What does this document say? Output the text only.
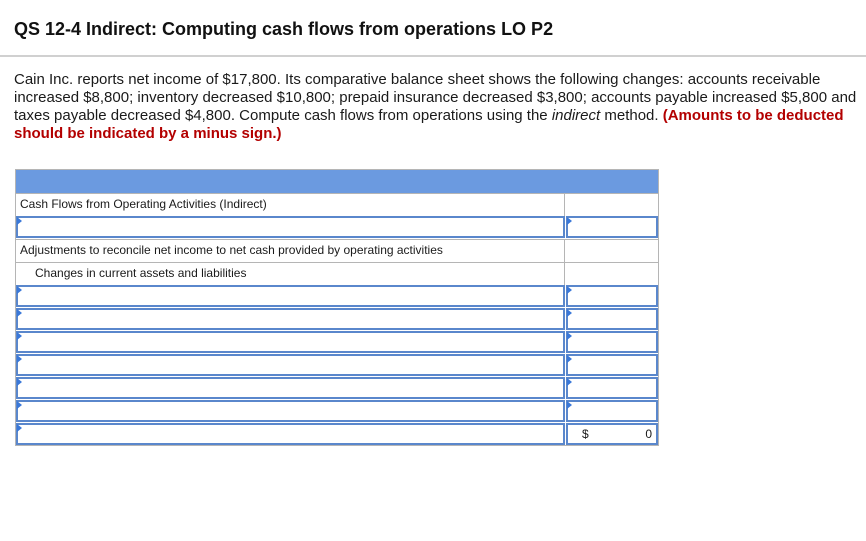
QS 12-4 Indirect: Computing cash flows from operations LO P2

Cain Inc. reports net income of $17,800. Its comparative balance sheet shows the following changes: accounts receivable increased $8,800; inventory decreased $10,800; prepaid insurance decreased $3,800; accounts payable increased $5,800 and taxes payable decreased $4,800. Compute cash flows from operations using the indirect method. (Amounts to be deducted should be indicated by a minus sign.)

Cash Flows from Operating Activities (Indirect)
Adjustments to reconcile net income to net cash provided by operating activities
Changes in current assets and liabilities
$	0
